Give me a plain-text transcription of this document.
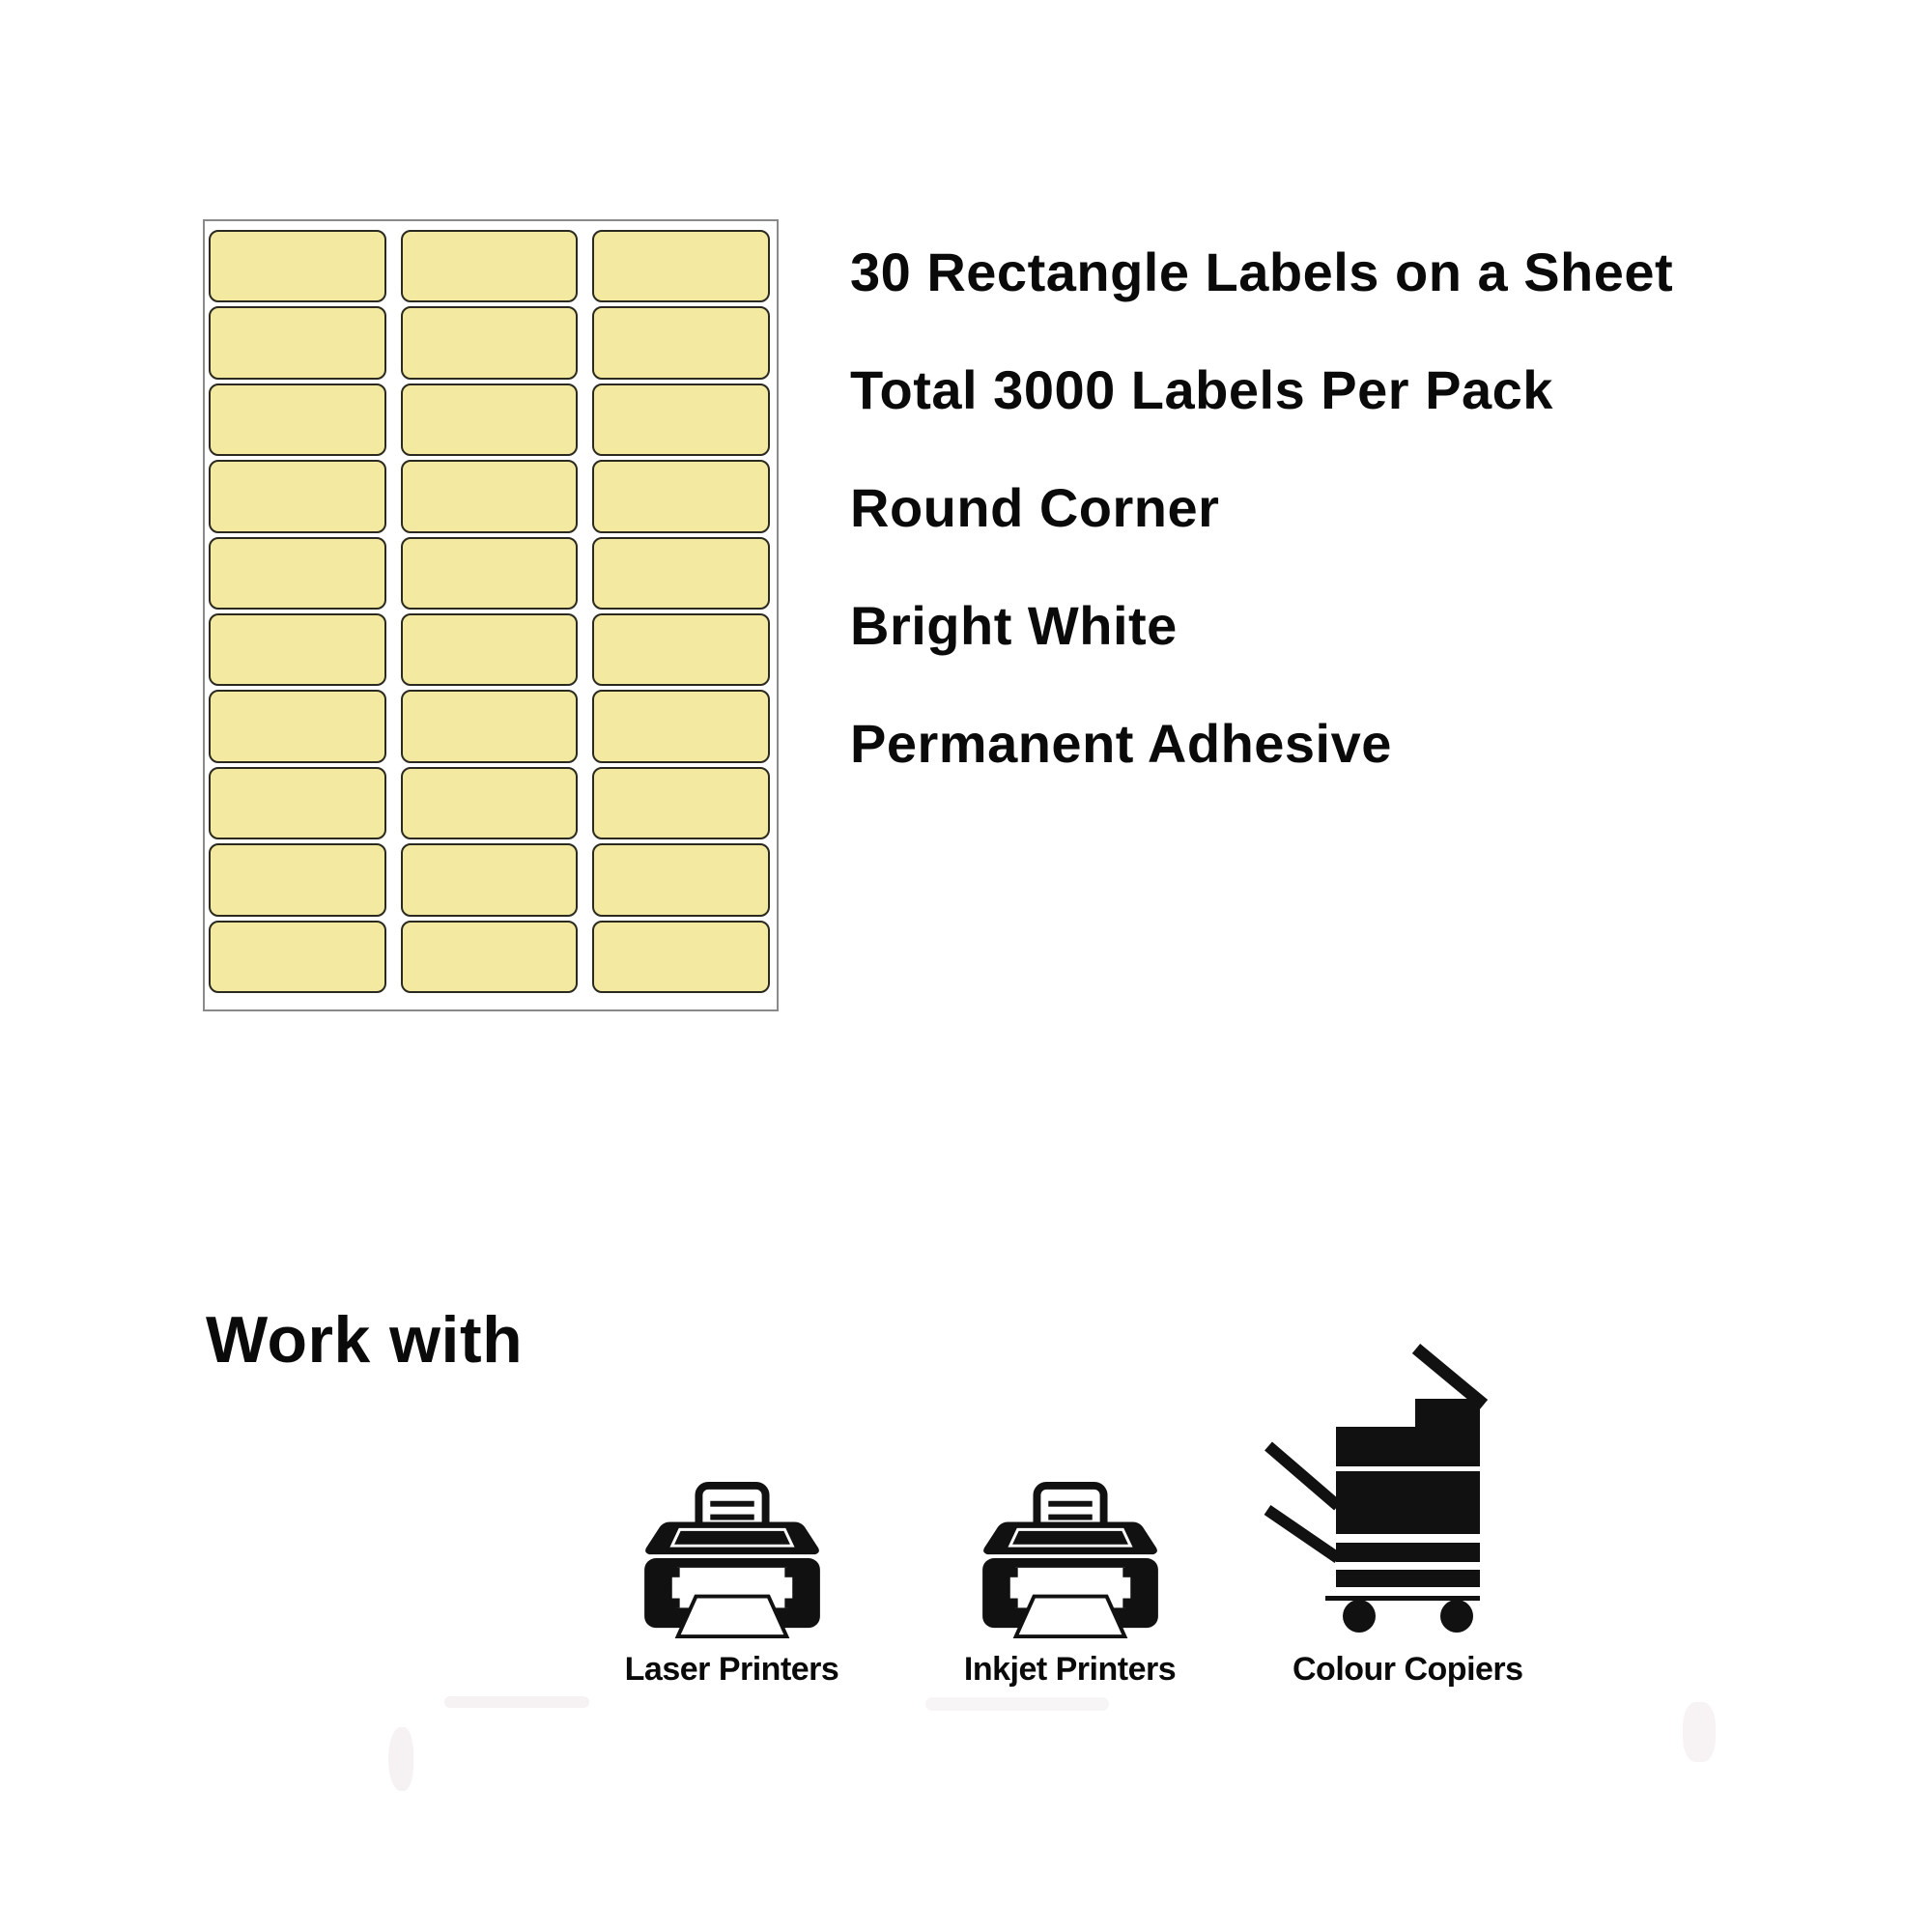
30 Rectangle Labels on a Sheet
Total 3000 Labels Per Pack
Round Corner
Bright White
Permanent Adhesive
Work with
Laser Printers	Inkjet Printers	Colour Copiers
